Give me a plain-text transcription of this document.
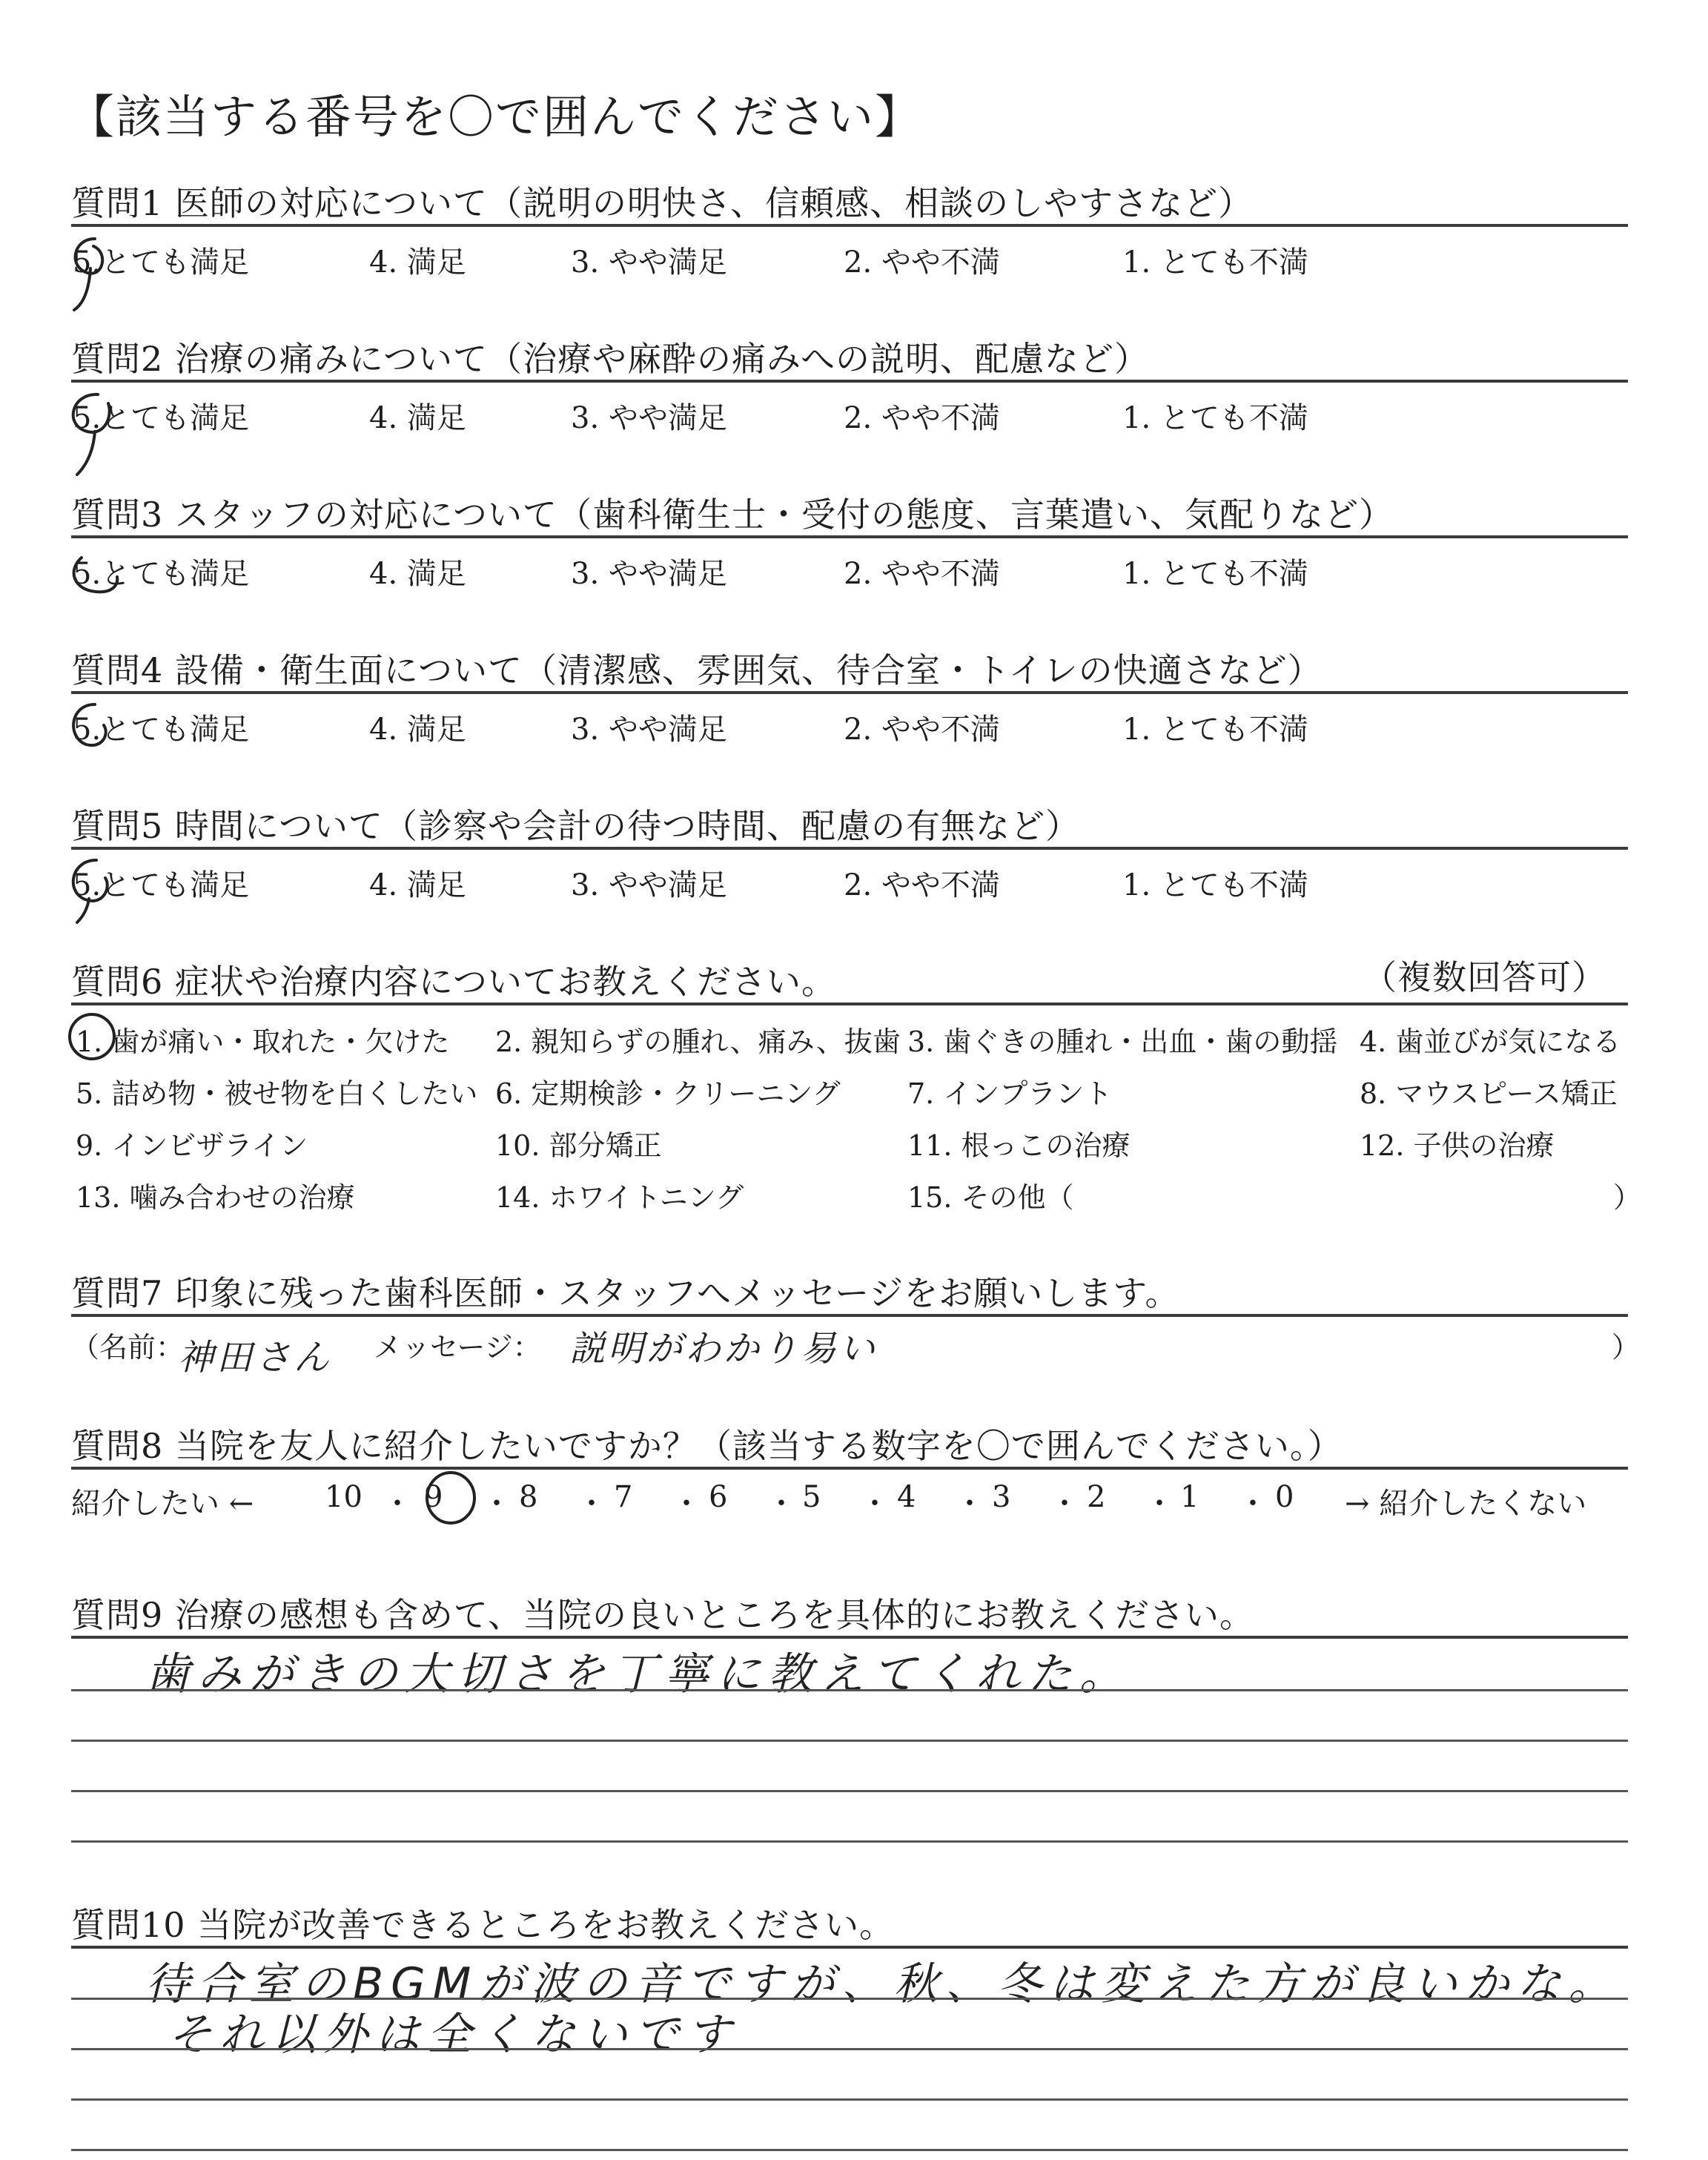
【該当する番号を〇で囲んでください】
質問1 医師の対応について（説明の明快さ、信頼感、相談のしやすさなど）
5.とても満足	4. 満足	3. やや満足	2. やや不満	1. とても不満
質問2 治療の痛みについて（治療や麻酔の痛みへの説明、配慮など）
5.とても満足	4. 満足	3. やや満足	2. やや不満	1. とても不満
質問3 スタッフの対応について（歯科衛生士・受付の態度、言葉遣い、気配りなど）
5.とても満足	4. 満足	3. やや満足	2. やや不満	1. とても不満
質問4 設備・衛生面について（清潔感、雰囲気、待合室・トイレの快適さなど）
5.とても満足	4. 満足	3. やや満足	2. やや不満	1. とても不満
質問5 時間について（診察や会計の待つ時間、配慮の有無など）
5.とても満足	4. 満足	3. やや満足	2. やや不満	1. とても不満
質問6 症状や治療内容についてお教えください。	（複数回答可）
1. 歯が痛い・取れた・欠けた 2. 親知らずの腫れ、痛み、抜歯 3. 歯ぐきの腫れ・出血・歯の動揺 4. 歯並びが気になる
5. 詰め物・被せ物を白くしたい 6. 定期検診・クリーニング 7. インプラント	8. マウスピース矯正
9. インビザライン	10. 部分矯正	11. 根っこの治療	12. 子供の治療
13. 噛み合わせの治療	14. ホワイトニング	15. その他（	）
質問7 印象に残った歯科医師・スタッフへメッセージをお願いします。
（名前：
神田さん メッセージ： 説明がわかり易い	）
質問8 当院を友人に紹介したいですか？（該当する数字を〇で囲んでください。）
紹介したい ← 10 ・ 9 ・ 8 ・ 7 ・ 6 ・ 5 ・ 4 ・ 3 ・ 2 ・ 1 ・ 0 → 紹介したくない
質問9 治療の感想も含めて、当院の良いところを具体的にお教えください。
歯みがきの大切さを丁寧に教えてくれた。
質問10 当院が改善できるところをお教えください。
待合室のBGMが波の音ですが、秋、冬は変えた方が良いかな。
それ以外は全くないです
